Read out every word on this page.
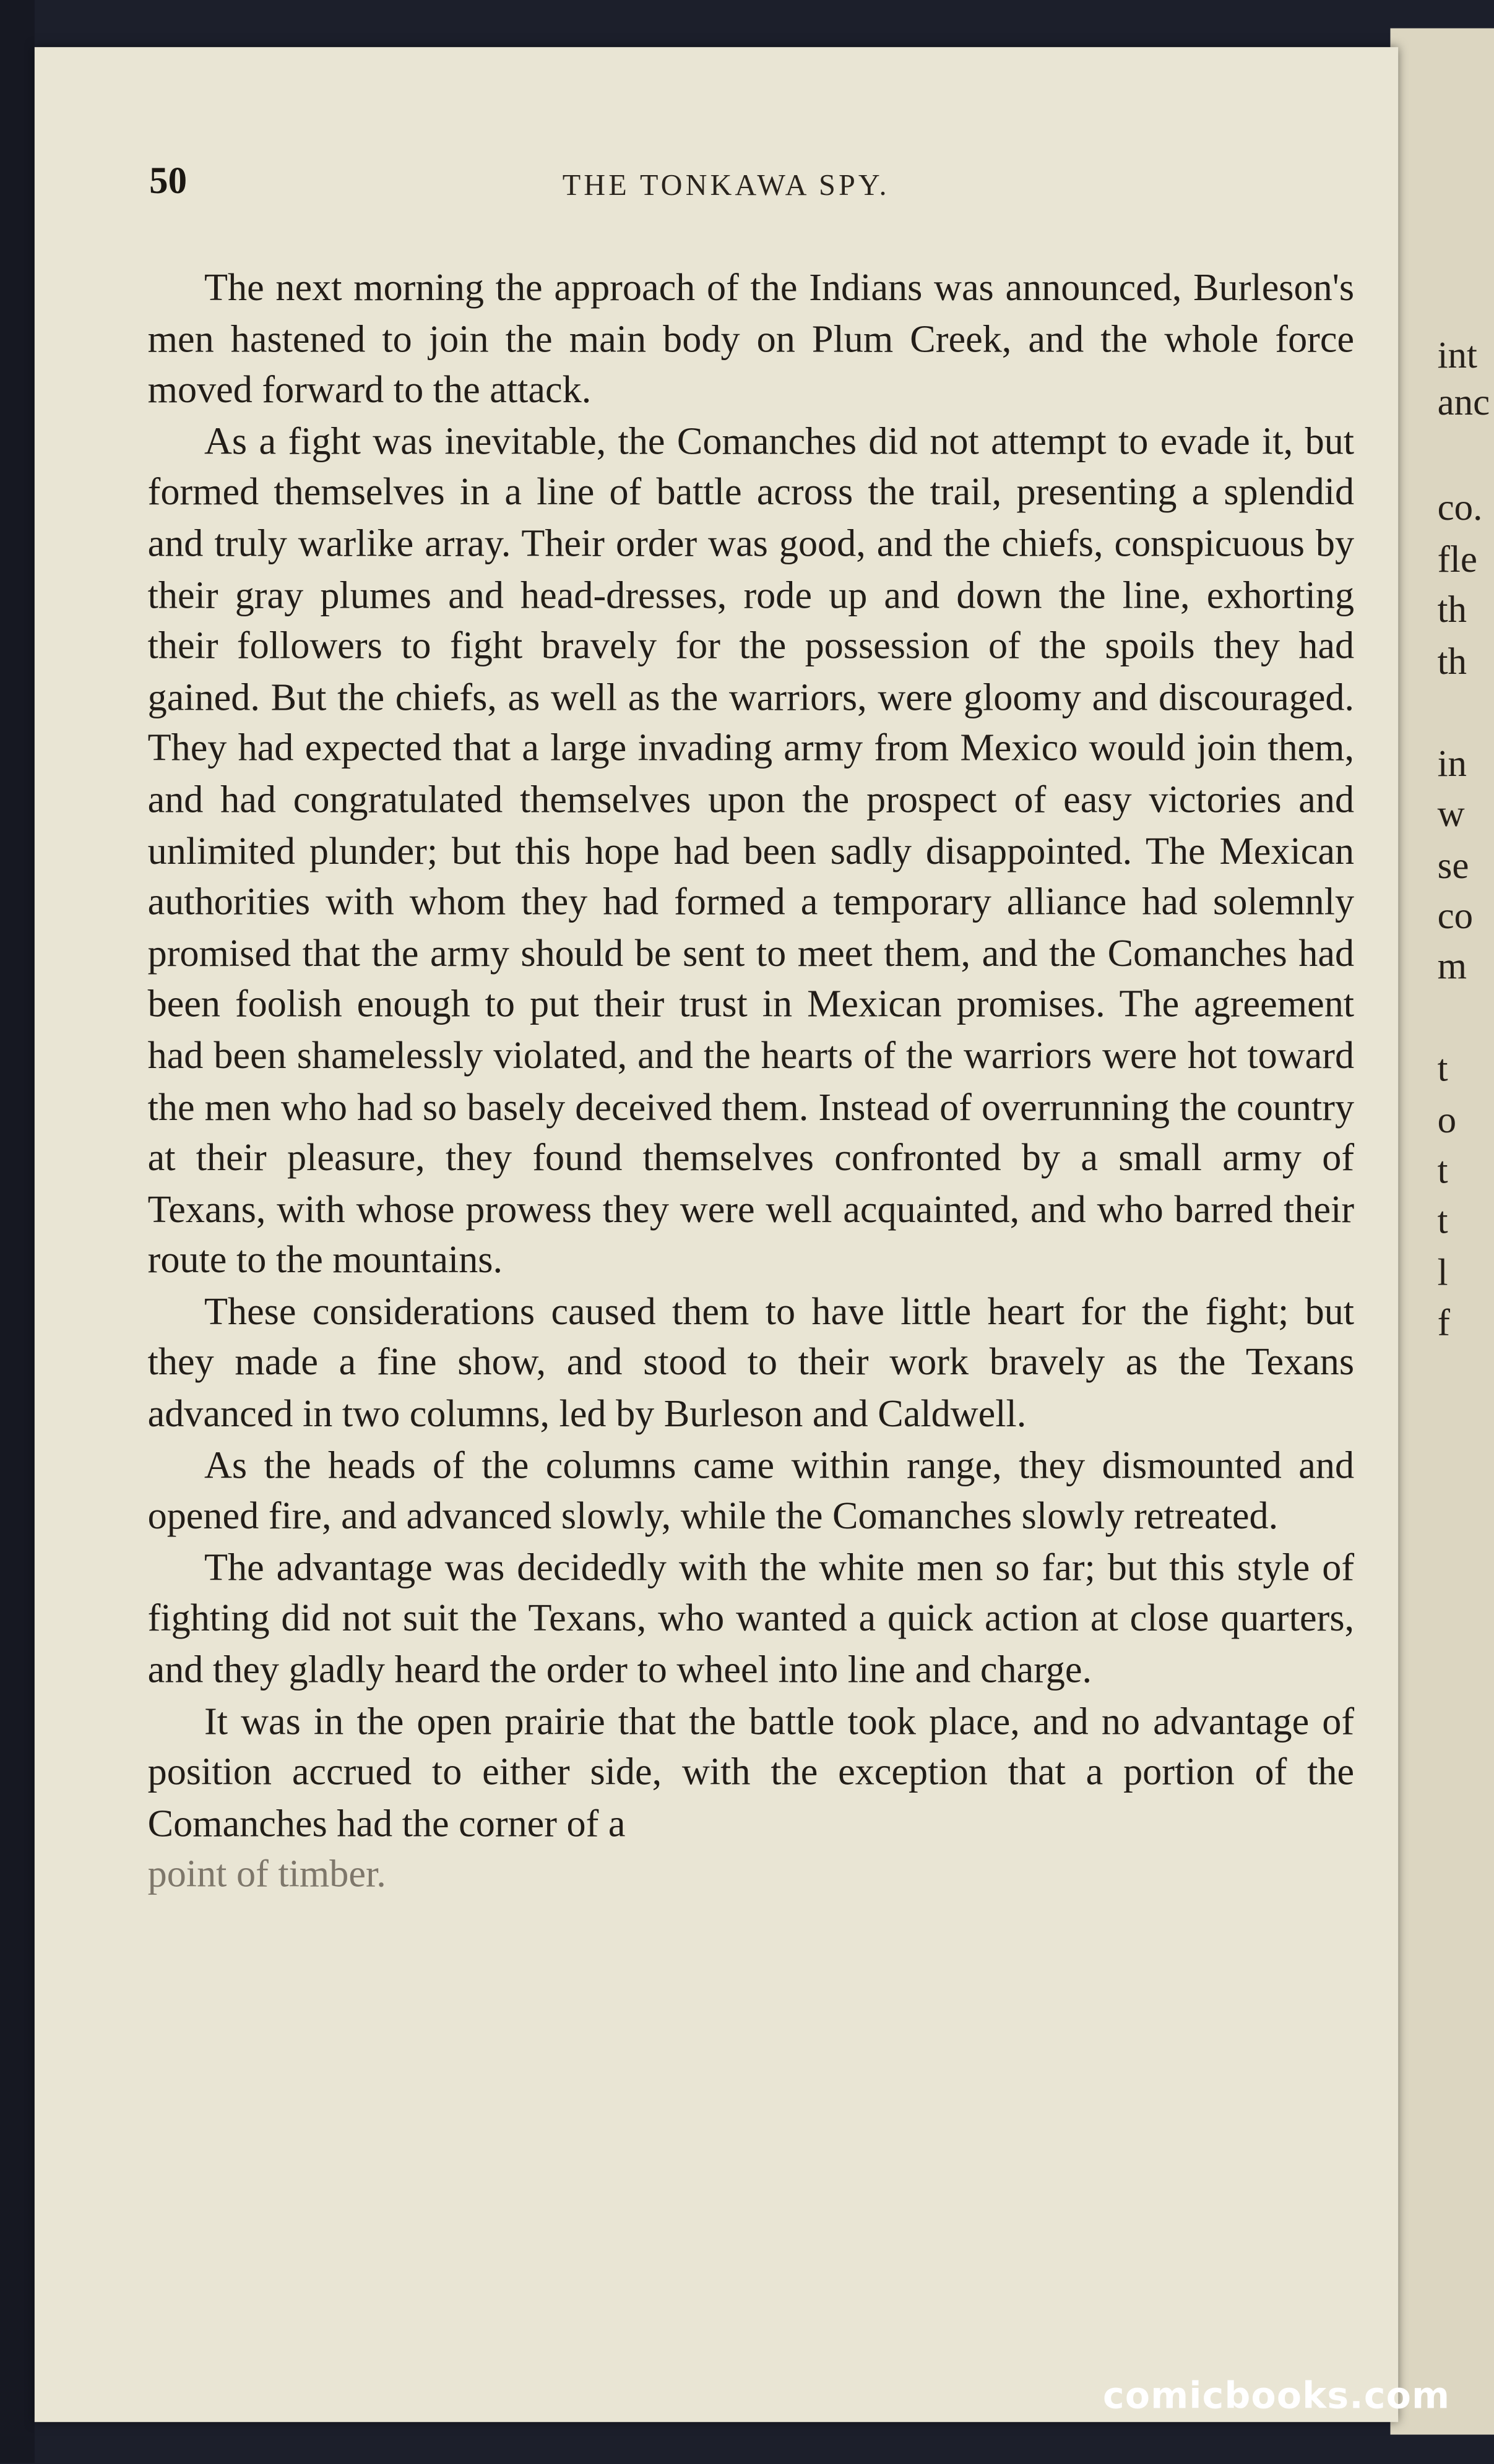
int
anc
co.
fle
th
th
in
w
se
co
m
t
o
t
t
l
f
50	THE TONKAWA SPY.

The next morning the approach of the Indians was announced, Burleson's men hastened to join the main body on Plum Creek, and the whole force moved forward to the attack.

As a fight was inevitable, the Comanches did not attempt to evade it, but formed themselves in a line of battle across the trail, presenting a splendid and truly warlike array. Their order was good, and the chiefs, conspicuous by their gray plumes and head-dresses, rode up and down the line, exhorting their followers to fight bravely for the possession of the spoils they had gained. But the chiefs, as well as the warriors, were gloomy and discouraged. They had expected that a large invading army from Mexico would join them, and had congratulated themselves upon the prospect of easy victories and unlimited plunder; but this hope had been sadly disappointed. The Mexican authorities with whom they had formed a temporary alliance had solemnly promised that the army should be sent to meet them, and the Comanches had been foolish enough to put their trust in Mexican promises. The agreement had been shamelessly violated, and the hearts of the warriors were hot toward the men who had so basely deceived them. Instead of overrunning the country at their pleasure, they found themselves confronted by a small army of Texans, with whose prowess they were well acquainted, and who barred their route to the mountains.

These considerations caused them to have little heart for the fight; but they made a fine show, and stood to their work bravely as the Texans advanced in two columns, led by Burleson and Caldwell.

As the heads of the columns came within range, they dismounted and opened fire, and advanced slowly, while the Comanches slowly retreated.

The advantage was decidedly with the white men so far; but this style of fighting did not suit the Texans, who wanted a quick action at close quarters, and they gladly heard the order to wheel into line and charge.

It was in the open prairie that the battle took place, and no advantage of position accrued to either side, with the exception that a portion of the Comanches had the corner of a

point of timber.
comicbooks.com
